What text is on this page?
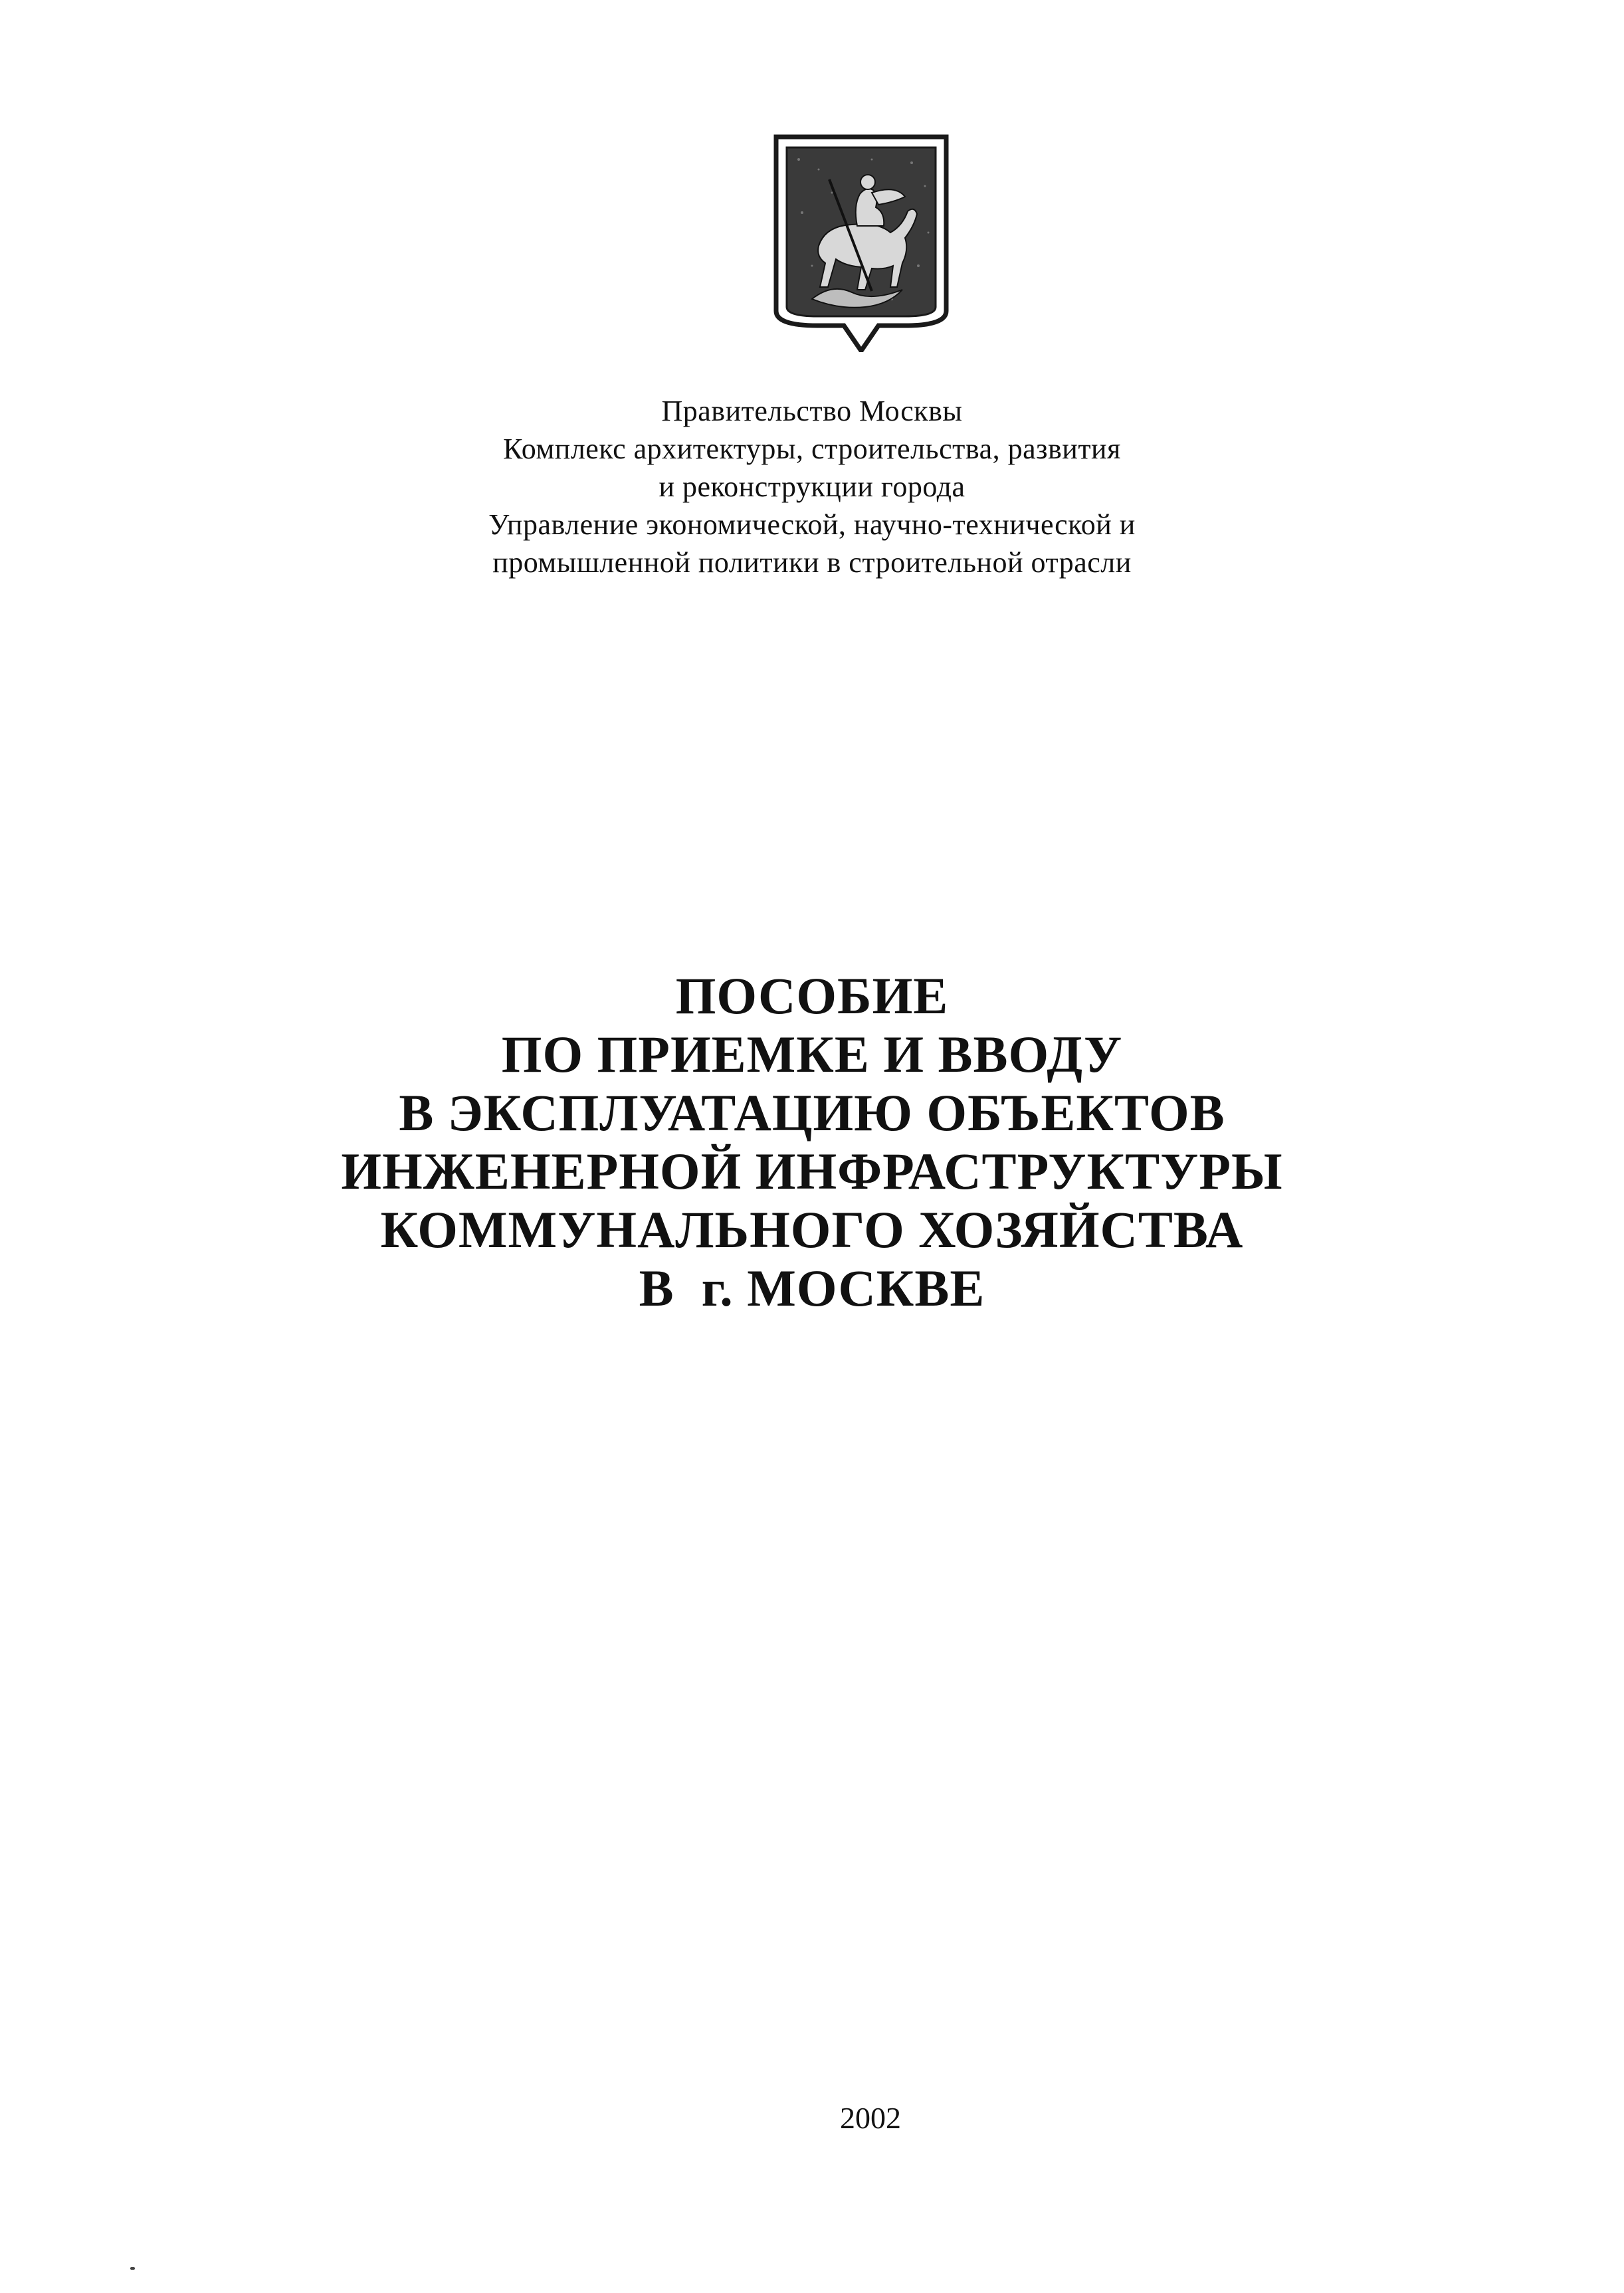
Правительство Москвы
Комплекс архитектуры, строительства, развития
и реконструкции города
Управление экономической, научно-технической и
промышленной политики в строительной отрасли
ПОСОБИЕ
ПО ПРИЕМКЕ И ВВОДУ
В ЭКСПЛУАТАЦИЮ ОБЪЕКТОВ
ИНЖЕНЕРНОЙ ИНФРАСТРУКТУРЫ
КОММУНАЛЬНОГО ХОЗЯЙСТВА
В  г. МОСКВЕ
2002
